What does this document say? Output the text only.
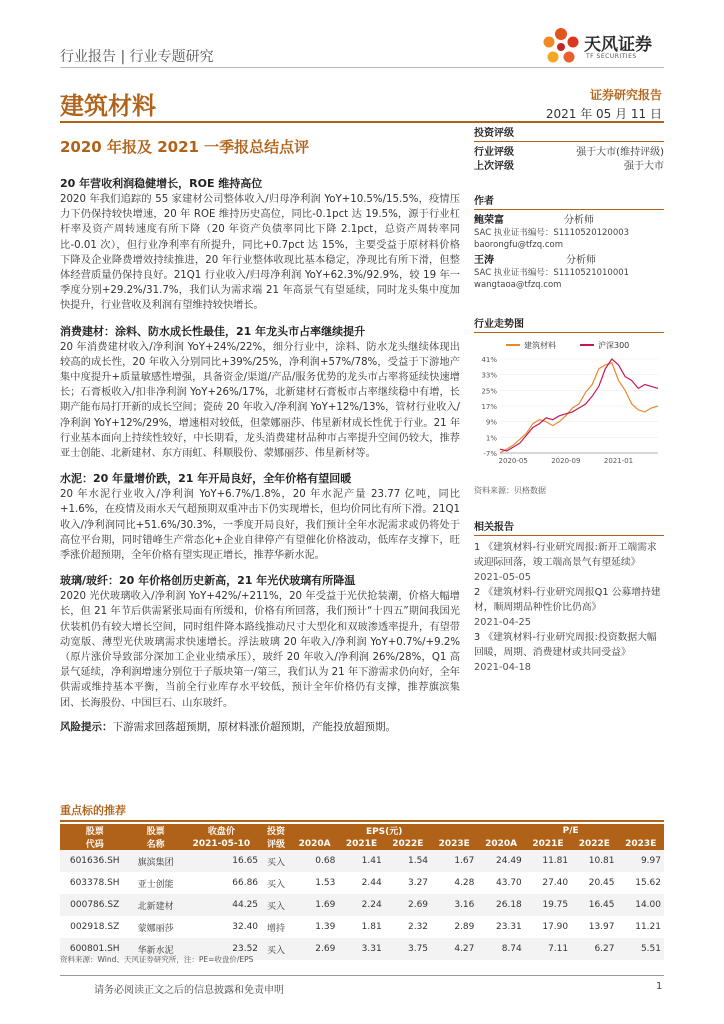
行业报告 | 行业专题研究
天风证券
TF SECURITIES
建筑材料	证券研究报告
2021 年 05 月 11 日
2020 年报及 2021 一季报总结点评
20 年营收利润稳健增长，ROE 维持高位
2020 年我们追踪的 55 家建材公司整体收入/归母净利润 YoY+10.5%/15.5%，疫情压力下仍保持较快增速，20 年 ROE 维持历史高位，同比-0.1pct 达 19.5%，源于行业杠杆率及资产周转速度有所下降（20 年资产负债率同比下降 2.1pct，总资产周转率同比-0.01 次），但行业净利率有所提升，同比+0.7pct 达 15%，主要受益于原材料价格下降及企业降费增效持续推进，20 年行业整体收现比基本稳定，净现比有所下滑，但整体经营质量仍保持良好。21Q1 行业收入/归母净利润 YoY+62.3%/92.9%，较 19 年一季度分别+29.2%/31.7%，我们认为需求端 21 年高景气有望延续，同时龙头集中度加快提升，行业营收及利润有望维持较快增长。
消费建材：涂料、防水成长性最佳，21 年龙头市占率继续提升
20 年消费建材收入/净利润 YoY+24%/22%，细分行业中，涂料、防水龙头继续体现出较高的成长性，20 年收入分别同比+39%/25%，净利润+57%/78%，受益于下游地产集中度提升+质量敏感性增强，具备资金/渠道/产品/服务优势的龙头市占率将延续快速增长；石膏板收入/扣非净利润 YoY+26%/17%，北新建材石膏板市占率继续稳中有增，长期产能布局打开新的成长空间；瓷砖 20 年收入/净利润 YoY+12%/13%，管材行业收入/净利润 YoY+12%/29%，增速相对较低，但蒙娜丽莎、伟星新材成长性优于行业。21 年行业基本面向上持续性较好，中长期看，龙头消费建材品种市占率提升空间仍较大，推荐亚士创能、北新建材、东方雨虹、科顺股份、蒙娜丽莎、伟星新材等。
水泥：20 年量增价跌，21 年开局良好，全年价格有望回暖
20 年水泥行业收入/净利润 YoY+6.7%/1.8%，20 年水泥产量 23.77 亿吨，同比+1.6%，在疫情及雨水天气超预期双重冲击下仍实现增长，但均价同比有所下滑。21Q1 收入/净利润同比+51.6%/30.3%，一季度开局良好，我们预计全年水泥需求或仍将处于高位平台期，同时错峰生产常态化+企业自律停产有望催化价格波动，低库存支撑下，旺季涨价超预期，全年价格有望实现正增长，推荐华新水泥。
玻璃/玻纤：20 年价格创历史新高，21 年光伏玻璃有所降温
2020 光伏玻璃收入/净利润 YoY+42%/+211%，20 年受益于光伏抢装潮，价格大幅增长，但 21 年节后供需紧张局面有所缓和，价格有所回落，我们预计“十四五”期间我国光伏装机仍有较大增长空间，同时组件降本路线推动尺寸大型化和双玻渗透率提升，有望带动宽版、薄型光伏玻璃需求快速增长。浮法玻璃 20 年收入/净利润 YoY+0.7%/+9.2%（原片涨价导致部分深加工企业业绩承压），玻纤 20 年收入/净利润 26%/28%，Q1 高景气延续，净利润增速分别位于子版块第一/第三，我们认为 21 年下游需求仍向好，全年供需或维持基本平衡，当前全行业库存水平较低，预计全年价格仍有支撑，推荐旗滨集团、长海股份、中国巨石、山东玻纤。
风险提示：下游需求回落超预期，原材料涨价超预期，产能投放超预期。
投资评级
行业评级	强于大市(维持评级)
上次评级	强于大市
作者
鲍荣富	分析师
SAC 执业证书编号：S1110520120003
baorongfu@tfzq.com
王涛	分析师
SAC 执业证书编号：S1110521010001
wangtaoa@tfzq.com
行业走势图
建筑材料	沪深300
41%
33%
25%
17%
9%
1%
-7%
2020-05	2020-09	2021-01
资料来源：贝格数据
相关报告
1 《建筑材料-行业研究周报:新开工端需求或迎际回落，竣工端高景气有望延续》
2021-05-05
2 《建筑材料-行业研究周报Q1 公募增持建材，顺周期品种性价比仍高》
2021-04-25
3 《建筑材料-行业研究周报:投资数据大幅回暖，周期、消费建材或共同受益》
2021-04-18
重点标的推荐
股票	股票	收盘价	投资	EPS(元)				P/E			
代码	名称	2021-05-10	评级	2020A	2021E	2022E	2023E	2020A	2021E	2022E	2023E
601636.SH	旗滨集团	16.65	买入	0.68	1.41	1.54	1.67	24.49	11.81	10.81	9.97
603378.SH	亚士创能	66.86	买入	1.53	2.44	3.27	4.28	43.70	27.40	20.45	15.62
000786.SZ	北新建材	44.25	买入	1.69	2.24	2.69	3.16	26.18	19.75	16.45	14.00
002918.SZ	蒙娜丽莎	32.40	增持	1.39	1.81	2.32	2.89	23.31	17.90	13.97	11.21
600801.SH	华新水泥	23.52	买入	2.69	3.31	3.75	4.27	8.74	7.11	6.27	5.51
资料来源：Wind、天风证券研究所，注：PE=收盘价/EPS
请务必阅读正文之后的信息披露和免责申明	1
